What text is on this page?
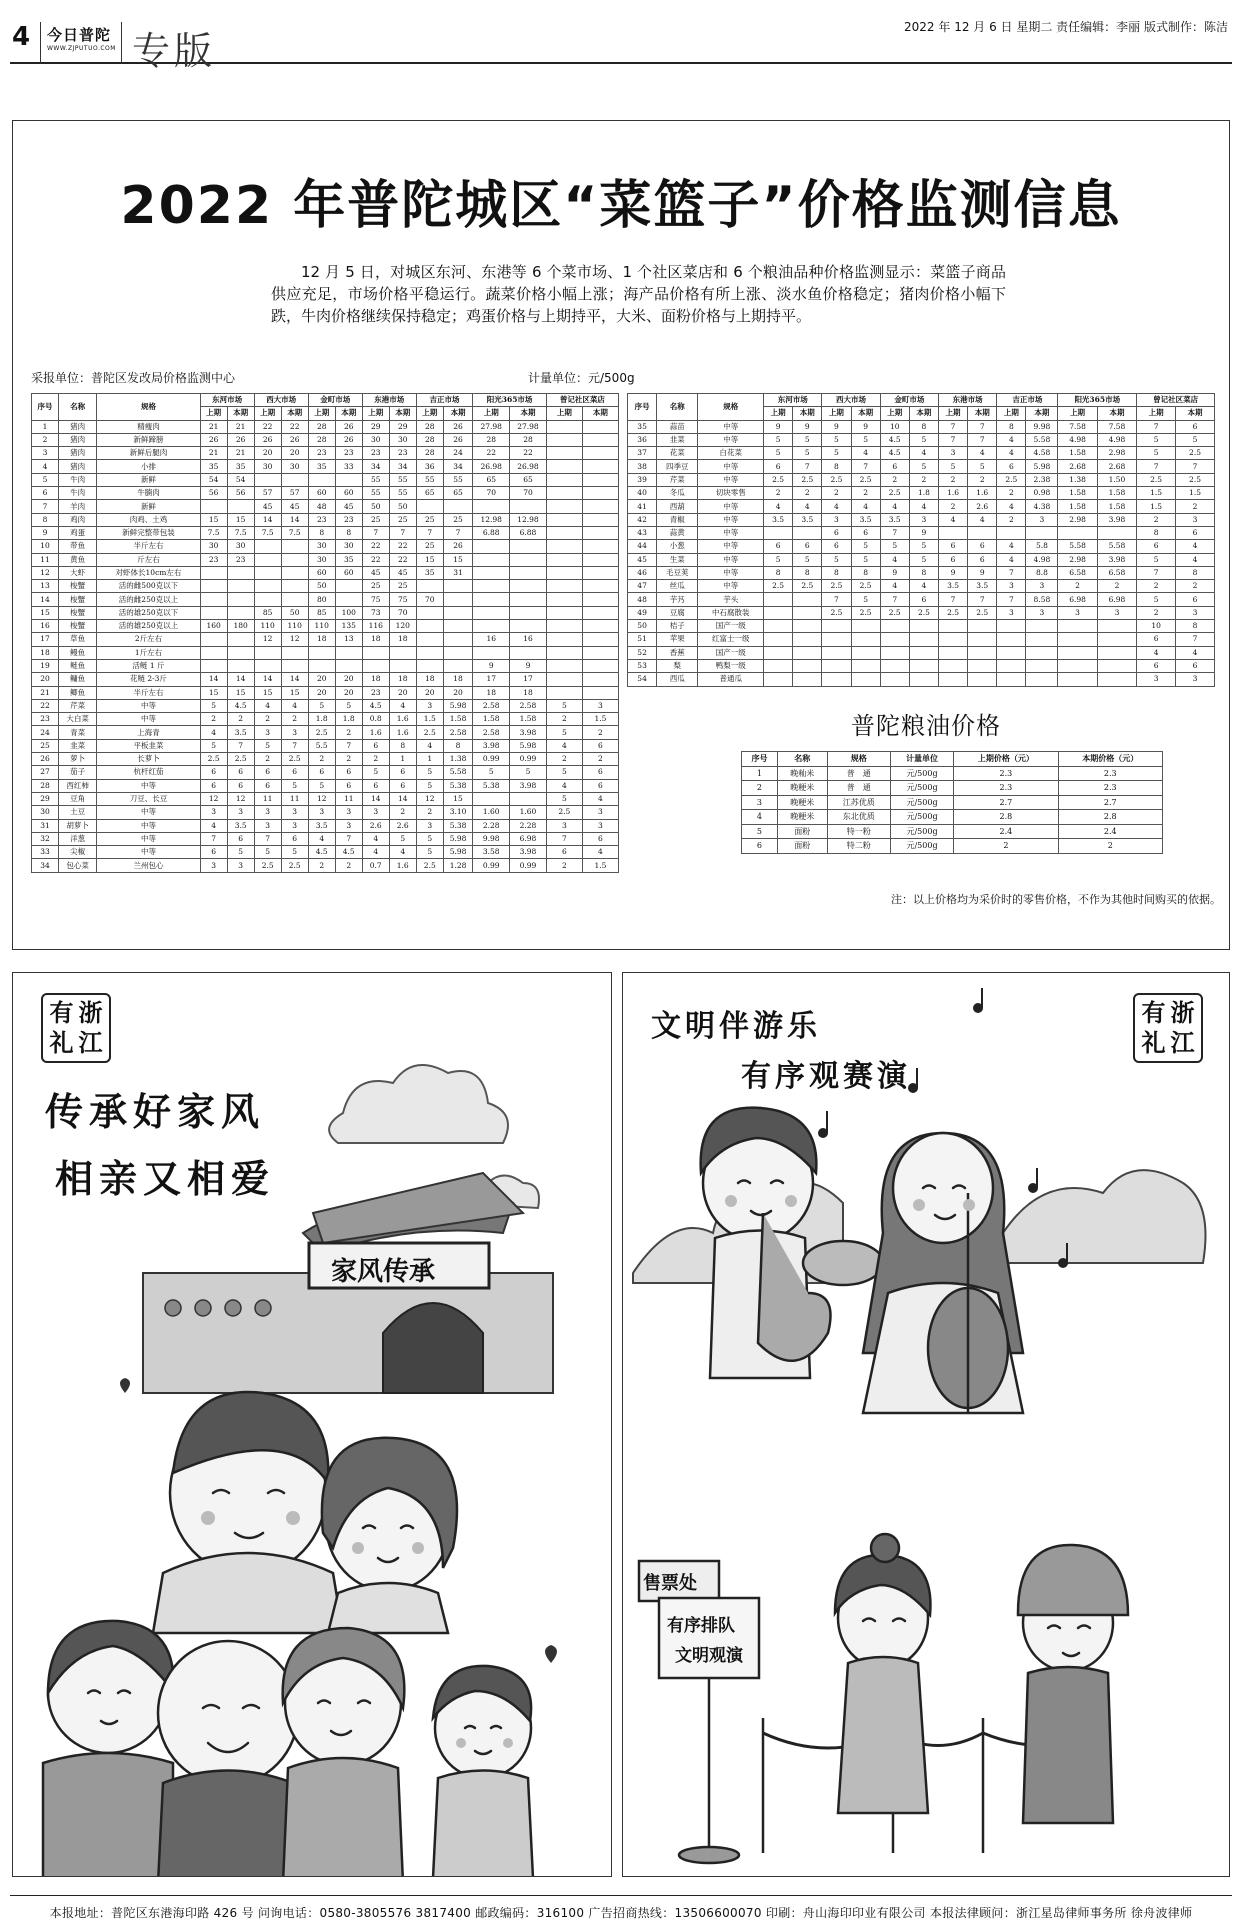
4 今日普陀
WWW.ZJPUTUO.COM 专版
2022 年 12 月 6 日 星期二 责任编辑：李丽 版式制作：陈洁
2022 年普陀城区“菜篮子”价格监测信息
12 月 5 日，对城区东河、东港等 6 个菜市场、1 个社区菜店和 6 个粮油品种价格监测显示：菜篮子商品供应充足，市场价格平稳运行。蔬菜价格小幅上涨；海产品价格有所上涨、淡水鱼价格稳定；猪肉价格小幅下跌，牛肉价格继续保持稳定；鸡蛋价格与上期持平，大米、面粉价格与上期持平。
采报单位：普陀区发改局价格监测中心	计量单位：元/500g
序号	名称	规格	东河市场		西大市场		金町市场		东港市场		吉正市场		阳光365市场		曾记社区菜店	
			上期	本期	上期	本期	上期	本期	上期	本期	上期	本期	上期	本期	上期	本期
1	猪肉	精瘦肉	21	21	22	22	28	26	29	29	28	26	27.98	27.98		
2	猪肉	新鲜蹄膀	26	26	26	26	28	26	30	30	28	26	28	28		
3	猪肉	新鲜后腿肉	21	21	20	20	23	23	23	23	28	24	22	22		
4	猪肉	小排	35	35	30	30	35	33	34	34	36	34	26.98	26.98		
5	牛肉	新鲜	54	54					55	55	55	55	65	65		
6	牛肉	牛腩肉	56	56	57	57	60	60	55	55	65	65	70	70		
7	羊肉	新鲜			45	45	48	45	50	50						
8	鸡肉	肉鸡、土鸡	15	15	14	14	23	23	25	25	25	25	12.98	12.98		
9	鸡蛋	新鲜完整带包装	7.5	7.5	7.5	7.5	8	8	7	7	7	7	6.88	6.88		
10	带鱼	半斤左右	30	30			30	30	22	22	25	26				
11	黄鱼	斤左右	23	23			30	35	22	22	15	15				
12	大虾	对虾体长10cm左右					60	60	45	45	35	31				
13	梭蟹	活的雌500克以下					50		25	25						
14	梭蟹	活的雌250克以上					80		75	75	70					
15	梭蟹	活的雄250克以下			85	50	85	100	73	70						
16	梭蟹	活的雄250克以上	160	180	110	110	110	135	116	120						
17	草鱼	2斤左右			12	12	18	13	18	18			16	16		
18	鳗鱼	1斤左右														
19	鲢鱼	活鲢 1 斤											9	9		
20	鳙鱼	花鲢 2-3斤	14	14	14	14	20	20	18	18	18	18	17	17		
21	鲫鱼	半斤左右	15	15	15	15	20	20	23	20	20	20	18	18		
22	芹菜	中等	5	4.5	4	4	5	5	4.5	4	3	5.98	2.58	2.58	5	3
23	大白菜	中等	2	2	2	2	1.8	1.8	0.8	1.6	1.5	1.58	1.58	1.58	2	1.5
24	青菜	上海青	4	3.5	3	3	2.5	2	1.6	1.6	2.5	2.58	2.58	3.98	5	2
25	韭菜	平板韭菜	5	7	5	7	5.5	7	6	8	4	8	3.98	5.98	4	6
26	萝卜	长萝卜	2.5	2.5	2	2.5	2	2	2	1	1	1.38	0.99	0.99	2	2
27	茄子	杭杆红茄	6	6	6	6	6	6	5	6	5	5.58	5	5	5	6
28	西红柿	中等	6	6	6	5	5	6	6	6	5	5.38	5.38	3.98	4	6
29	豆角	刀豆、长豆	12	12	11	11	12	11	14	14	12	15			5	4
30	土豆	中等	3	3	3	3	3	3	3	2	2	3.10	1.60	1.60	2.5	3
31	胡萝卜	中等	4	3.5	3	3	3.5	3	2.6	2.6	3	5.38	2.28	2.28	3	3
32	洋葱	中等	7	6	7	6	4	7	4	5	5	5.98	9.98	6.98	7	6
33	尖椒	中等	6	5	5	5	4.5	4.5	4	4	5	5.98	3.58	3.98	6	4
34	包心菜	兰州包心	3	3	2.5	2.5	2	2	0.7	1.6	2.5	1.28	0.99	0.99	2	1.5
序号	名称	规格	东河市场		西大市场		金町市场		东港市场		吉正市场		阳光365市场		曾记社区菜店	
			上期	本期	上期	本期	上期	本期	上期	本期	上期	本期	上期	本期	上期	本期
35	蒜苗	中等	9	9	9	9	10	8	7	7	8	9.98	7.58	7.58	7	6
36	韭菜	中等	5	5	5	5	4.5	5	7	7	4	5.58	4.98	4.98	5	5
37	花菜	白花菜	5	5	5	4	4.5	4	3	4	4	4.58	1.58	2.98	5	2.5
38	四季豆	中等	6	7	8	7	6	5	5	5	6	5.98	2.68	2.68	7	7
39	芹菜	中等	2.5	2.5	2.5	2.5	2	2	2	2	2.5	2.38	1.38	1.50	2.5	2.5
40	冬瓜	切块零售	2	2	2	2	2.5	1.8	1.6	1.6	2	0.98	1.58	1.58	1.5	1.5
41	西葫	中等	4	4	4	4	4	4	2	2.6	4	4.38	1.58	1.58	1.5	2
42	青椒	中等	3.5	3.5	3	3.5	3.5	3	4	4	2	3	2.98	3.98	2	3
43	蒜黄	中等			6	6	7	9							8	6
44	小葱	中等	6	6	6	5	5	5	6	6	4	5.8	5.58	5.58	6	4
45	生菜	中等	5	5	5	5	4	5	6	6	4	4.98	2.98	3.98	5	4
46	毛豆荚	中等	8	8	8	8	9	8	9	9	7	8.8	6.58	6.58	7	8
47	丝瓜	中等	2.5	2.5	2.5	2.5	4	4	3.5	3.5	3	3	2	2	2	2
48	芋艿	芋头			7	5	7	6	7	7	7	8.58	6.98	6.98	5	6
49	豆腐	中石腐散装			2.5	2.5	2.5	2.5	2.5	2.5	3	3	3	3	2	3
50	桔子	国产一级													10	8
51	苹果	红富士一级													6	7
52	香蕉	国产一级													4	4
53	梨	鸭梨一级													6	6
54	西瓜	普通瓜													3	3
普陀粮油价格
序号	名称	规格	计量单位	上期价格（元）	本期价格（元）
1	晚籼米	普　通	元/500g	2.3	2.3
2	晚粳米	普　通	元/500g	2.3	2.3
3	晚粳米	江苏优质	元/500g	2.7	2.7
4	晚粳米	东北优质	元/500g	2.8	2.8
5	面粉	特一粉	元/500g	2.4	2.4
6	面粉	特二粉	元/500g	2	2
注：以上价格均为采价时的零售价格，不作为其他时间购买的依据。
有 浙
礼 江
传承好家风
相亲又相爱
家风传承
文明伴游乐
有序观赛演
有 浙
礼 江
售票处
有序排队
文明观演
本报地址：普陀区东港海印路 426 号 问询电话：0580-3805576 3817400 邮政编码：316100 广告招商热线：13506600070 印刷：舟山海印印业有限公司 本报法律顾问：浙江星岛律师事务所 徐舟波律师
